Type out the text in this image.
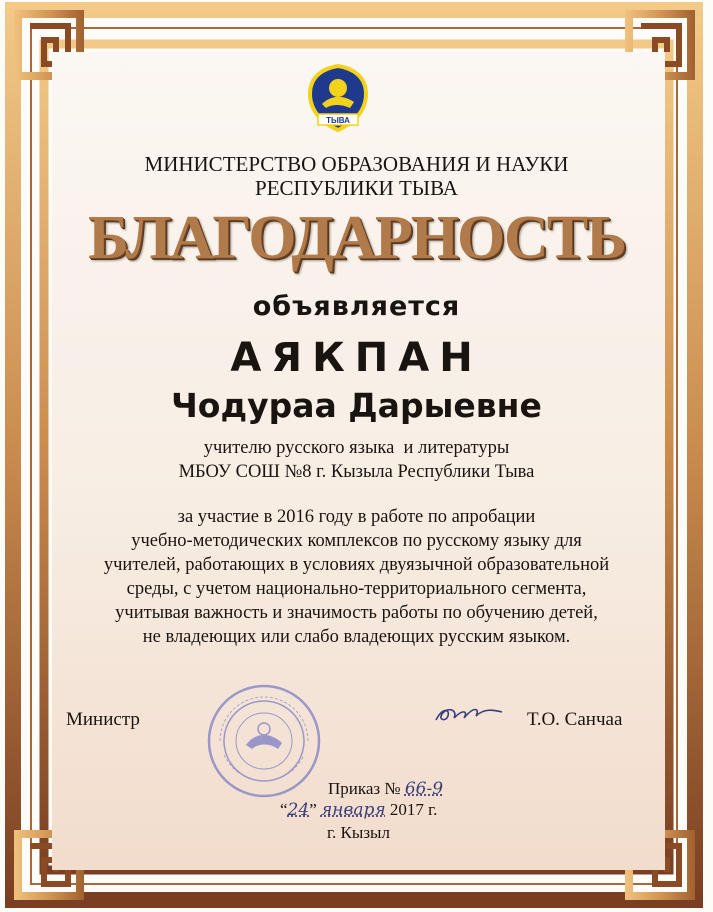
ТЫВА
МИНИСТЕРСТВО ОБРАЗОВАНИЯ И НАУКИ
РЕСПУБЛИКИ ТЫВА
БЛАГОДАРНОСТЬ
объявляется
АЯКПАН
Чодураа Дарыевне
учителю русского языка  и литературы
МБОУ СОШ №8 г. Кызыла Республики Тыва
за участие в 2016 году в работе по апробации
учебно-методических комплексов по русскому языку для
учителей, работающих в условиях двуязычной образовательной
среды, с учетом национально-территориального сегмента,
учитывая важность и значимость работы по обучению детей,
не владеющих или слабо владеющих русским языком.
Министр	Т.О. Санчаа
Приказ № 66-9
“24” января 2017 г.
г. Кызыл
